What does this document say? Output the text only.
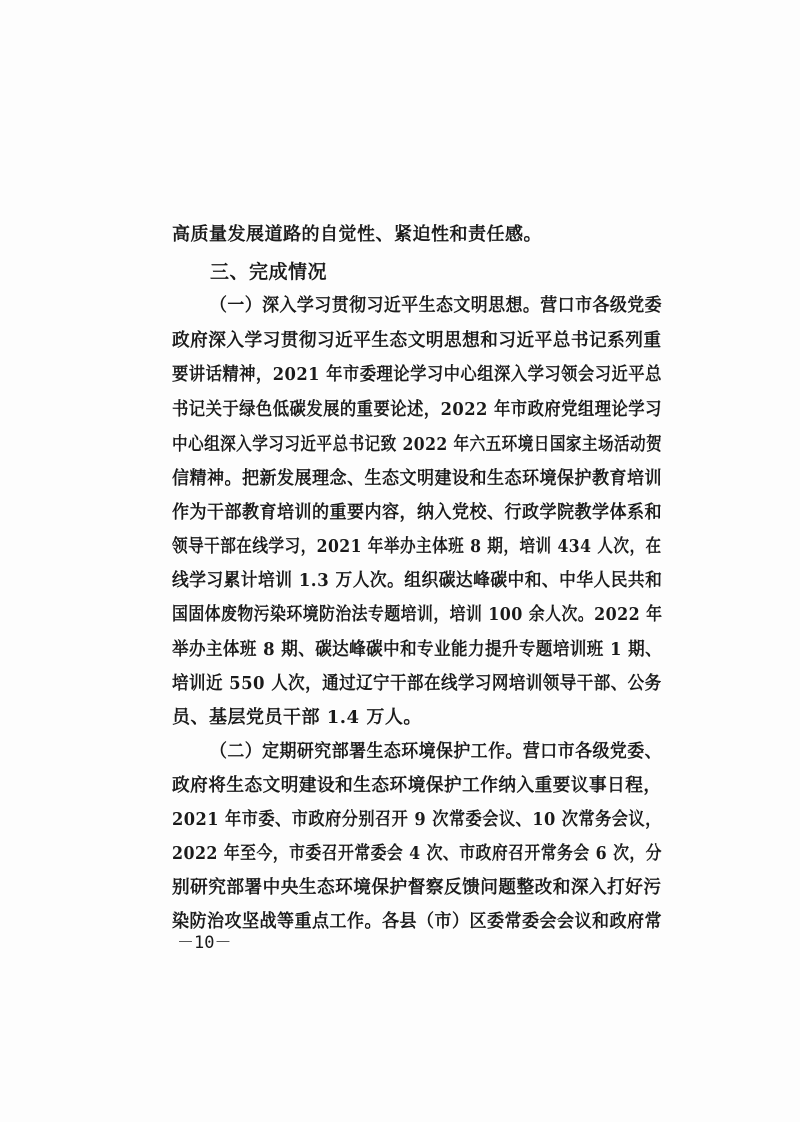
高质量发展道路的自觉性、紧迫性和责任感。
三、完成情况
（一）深入学习贯彻习近平生态文明思想。营口市各级党委
政府深入学习贯彻习近平生态文明思想和习近平总书记系列重
要讲话精神，2021 年市委理论学习中心组深入学习领会习近平总
书记关于绿色低碳发展的重要论述，2022 年市政府党组理论学习
中心组深入学习习近平总书记致 2022 年六五环境日国家主场活动贺
信精神。把新发展理念、生态文明建设和生态环境保护教育培训
作为干部教育培训的重要内容，纳入党校、行政学院教学体系和
领导干部在线学习，2021 年举办主体班 8 期，培训 434 人次，在
线学习累计培训 1.3 万人次。组织碳达峰碳中和、中华人民共和
国固体废物污染环境防治法专题培训，培训 100 余人次。2022 年
举办主体班 8 期、碳达峰碳中和专业能力提升专题培训班 1 期、
培训近 550 人次，通过辽宁干部在线学习网培训领导干部、公务
员、基层党员干部 1.4 万人。
（二）定期研究部署生态环境保护工作。营口市各级党委、
政府将生态文明建设和生态环境保护工作纳入重要议事日程，
2021 年市委、市政府分别召开 9 次常委会议、10 次常务会议，
2022 年至今，市委召开常委会 4 次、市政府召开常务会 6 次，分
别研究部署中央生态环境保护督察反馈问题整改和深入打好污
染防治攻坚战等重点工作。各县（市）区委常委会会议和政府常
－10－
